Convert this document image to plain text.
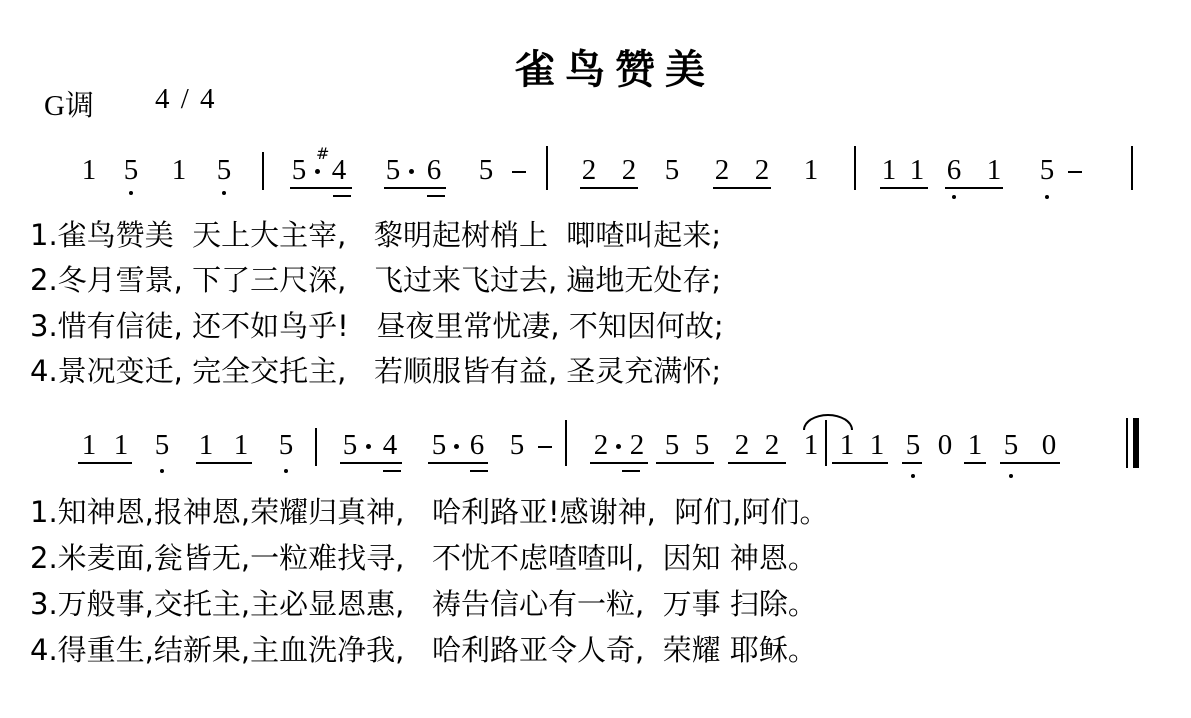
雀鸟赞美
G调 4 / 4
1 5 1 5 5
#
4 5 6 5	2 2 5 2 2 1 1 1 6 1 5
1.雀鸟赞美  天上大主宰,   黎明起树梢上  唧喳叫起来;
2.冬月雪景, 下了三尺深,   飞过来飞过去, 遍地无处存;
3.惜有信徒, 还不如鸟乎!   昼夜里常忧凄, 不知因何故;
4.景况变迁, 完全交托主,   若顺服皆有益, 圣灵充满怀;
1 1 5 1 1 5 5 4 5 6 5 2 2 5 5 2 2 1 1 1 5 0 1 5 0
1.知神恩,报神恩,荣耀归真神,   哈利路亚!感谢神,  阿们,阿们。
2.米麦面,瓮皆无,一粒难找寻,   不忧不虑喳喳叫,  因知 神恩。
3.万般事,交托主,主必显恩惠,   祷告信心有一粒,  万事 扫除。
4.得重生,结新果,主血洗净我,   哈利路亚令人奇,  荣耀 耶稣。
